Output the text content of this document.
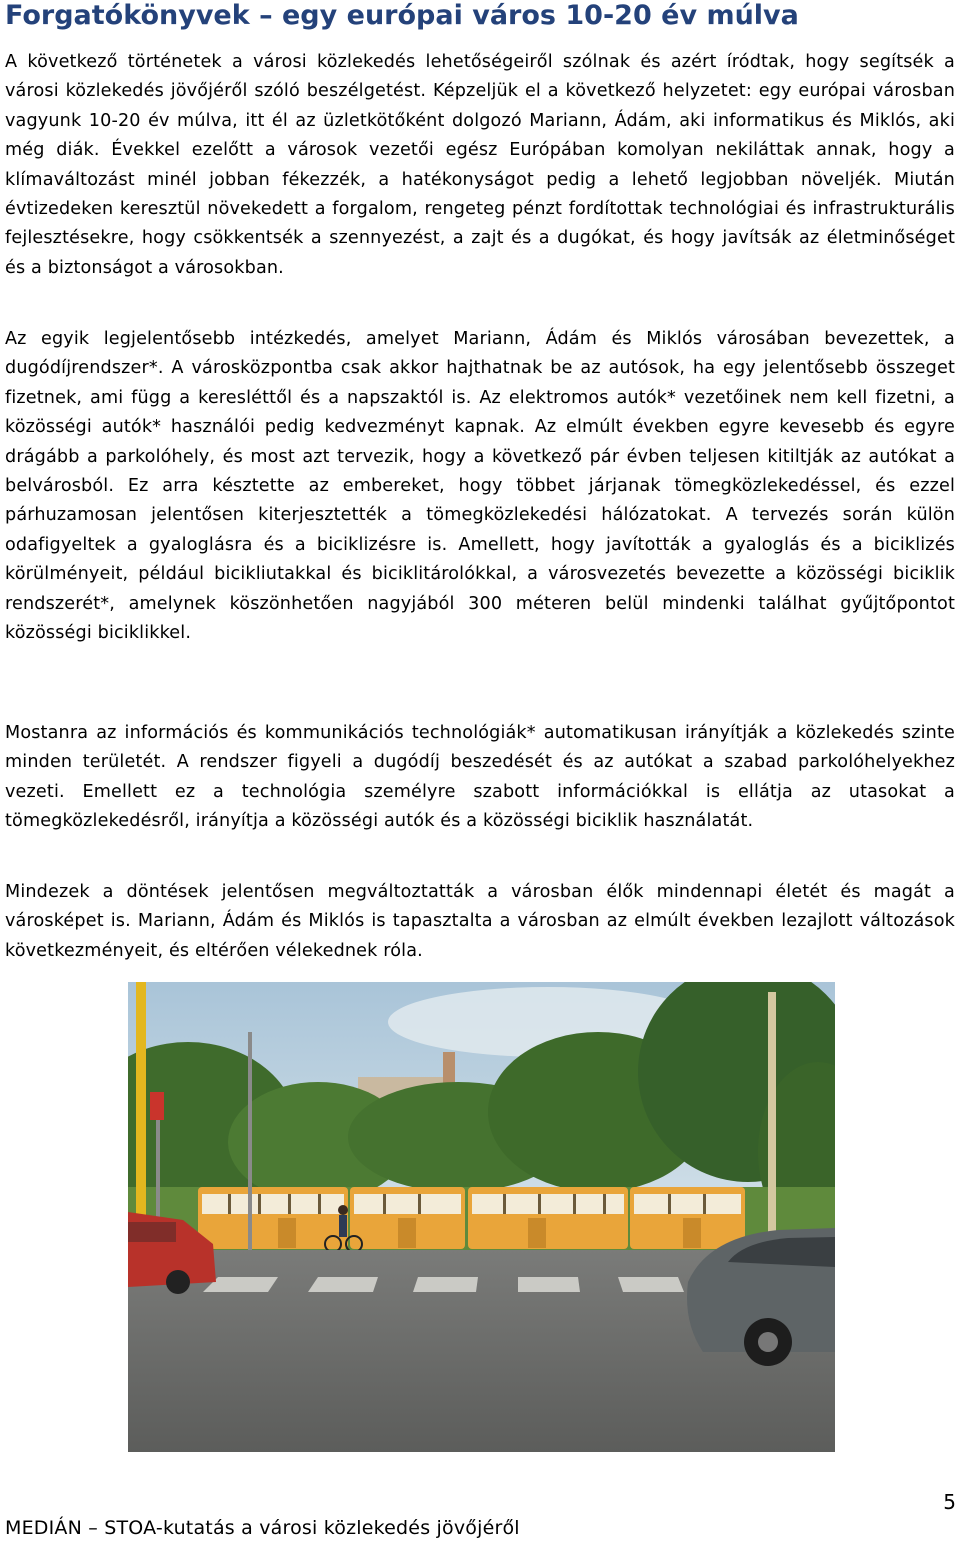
Forgatókönyvek – egy európai város 10-20 év múlva

A következő történetek a városi közlekedés lehetőségeiről szólnak és azért íródtak, hogy segítsék a városi közlekedés jövőjéről szóló beszélgetést. Képzeljük el a következő helyzetet: egy európai városban vagyunk 10-20 év múlva, itt él az üzletkötőként dolgozó Mariann, Ádám, aki informatikus és Miklós, aki még diák. Évekkel ezelőtt a városok vezetői egész Európában komolyan nekiláttak annak, hogy a klímaváltozást minél jobban fékezzék, a hatékonyságot pedig a lehető legjobban növeljék. Miután évtizedeken keresztül növekedett a forgalom, rengeteg pénzt fordítottak technológiai és infrastrukturális fejlesztésekre, hogy csökkentsék a szennyezést, a zajt és a dugókat, és hogy javítsák az életminőséget és a biztonságot a városokban.

Az egyik legjelentősebb intézkedés, amelyet Mariann, Ádám és Miklós városában bevezettek, a dugódíjrendszer*. A városközpontba csak akkor hajthatnak be az autósok, ha egy jelentősebb összeget fizetnek, ami függ a keresléttől és a napszaktól is. Az elektromos autók* vezetőinek nem kell fizetni, a közösségi autók* használói pedig kedvezményt kapnak. Az elmúlt években egyre kevesebb és egyre drágább a parkolóhely, és most azt tervezik, hogy a következő pár évben teljesen kitiltják az autókat a belvárosból. Ez arra késztette az embereket, hogy többet járjanak tömegközlekedéssel, és ezzel párhuzamosan jelentősen kiterjesztették a tömegközlekedési hálózatokat. A tervezés során külön odafigyeltek a gyaloglásra és a biciklizésre is. Amellett, hogy javították a gyaloglás és a biciklizés körülményeit, például bicikliutakkal és biciklitárolókkal, a városvezetés bevezette a közösségi biciklik rendszerét*, amelynek köszönhetően nagyjából 300 méteren belül mindenki találhat gyűjtőpontot közösségi biciklikkel.

Mostanra az információs és kommunikációs technológiák* automatikusan irányítják a közlekedés szinte minden területét. A rendszer figyeli a dugódíj beszedését és az autókat a szabad parkolóhelyekhez vezeti. Emellett ez a technológia személyre szabott információkkal is ellátja az utasokat a tömegközlekedésről, irányítja a közösségi autók és a közösségi biciklik használatát.

Mindezek a döntések jelentősen megváltoztatták a városban élők mindennapi életét és magát a városképet is. Mariann, Ádám és Miklós is tapasztalta a városban az elmúlt években lezajlott változások következményeit, és eltérően vélekednek róla.

5
MEDIÁN – STOA-kutatás a városi közlekedés jövőjéről
